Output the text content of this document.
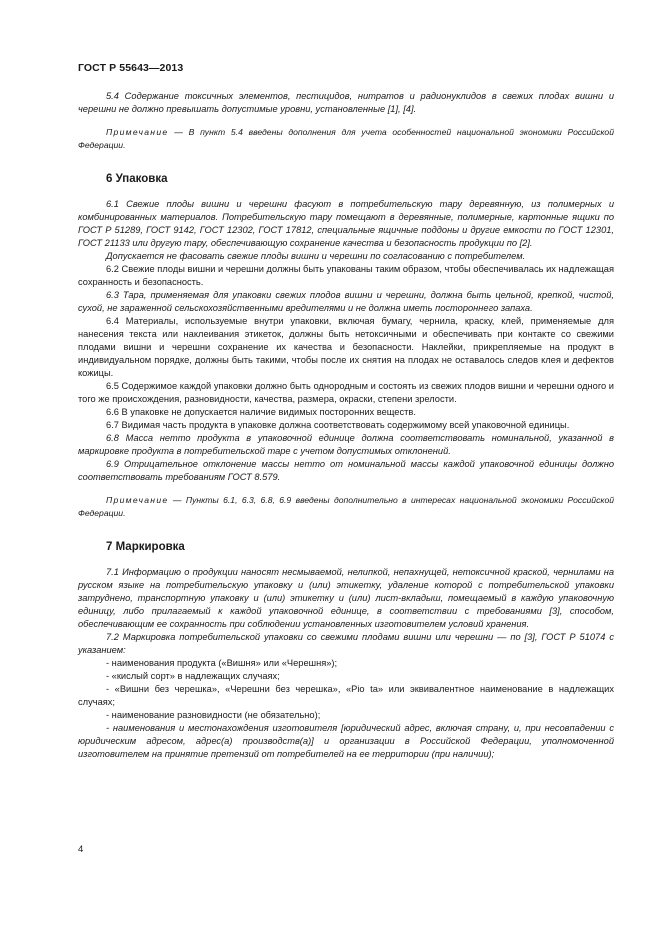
ГОСТ Р 55643—2013

5.4 Содержание токсичных элементов, пестицидов, нитратов и радионуклидов в свежих плодах вишни и черешни не должно превышать допустимые уровни, установленные [1], [4].

Примечание — В пункт 5.4 введены дополнения для учета особенностей национальной экономики Российской Федерации.

6 Упаковка

6.1 Свежие плоды вишни и черешни фасуют в потребительскую тару деревянную, из полимерных и комбинированных материалов. Потребительскую тару помещают в деревянные, полимерные, картонные ящики по ГОСТ Р 51289, ГОСТ 9142, ГОСТ 12302, ГОСТ 17812, специальные ящичные поддоны и другие емкости по ГОСТ 12301, ГОСТ 21133 или другую тару, обеспечивающую сохранение качества и безопасность продукции по [2].

Допускается не фасовать свежие плоды вишни и черешни по согласованию с потребителем.

6.2 Свежие плоды вишни и черешни должны быть упакованы таким образом, чтобы обеспечивалась их надлежащая сохранность и безопасность.

6.3 Тара, применяемая для упаковки свежих плодов вишни и черешни, должна быть цельной, крепкой, чистой, сухой, не зараженной сельскохозяйственными вредителями и не должна иметь постороннего запаха.

6.4 Материалы, используемые внутри упаковки, включая бумагу, чернила, краску, клей, применяемые для нанесения текста или наклеивания этикеток, должны быть нетоксичными и обеспечивать при контакте со свежими плодами вишни и черешни сохранение их качества и безопасности. Наклейки, прикрепляемые на продукт в индивидуальном порядке, должны быть такими, чтобы после их снятия на плодах не оставалось следов клея и дефектов кожицы.

6.5 Содержимое каждой упаковки должно быть однородным и состоять из свежих плодов вишни и черешни одного и того же происхождения, разновидности, качества, размера, окраски, степени зрелости.

6.6 В упаковке не допускается наличие видимых посторонних веществ.

6.7 Видимая часть продукта в упаковке должна соответствовать содержимому всей упаковочной единицы.

6.8 Масса нетто продукта в упаковочной единице должна соответствовать номинальной, указанной в маркировке продукта в потребительской таре с учетом допустимых отклонений.

6.9 Отрицательное отклонение массы нетто от номинальной массы каждой упаковочной единицы должно соответствовать требованиям ГОСТ 8.579.

Примечание — Пункты 6.1, 6.3, 6.8, 6.9 введены дополнительно в интересах национальной экономики Российской Федерации.

7 Маркировка

7.1 Информацию о продукции наносят несмываемой, нелипкой, непахнущей, нетоксичной краской, чернилами на русском языке на потребительскую упаковку и (или) этикетку, удаление которой с потребительской упаковки затруднено, транспортную упаковку и (или) этикетку и (или) лист-вкладыш, помещаемый в каждую упаковочную единицу, либо прилагаемый к каждой упаковочной единице, в соответствии с требованиями [3], способом, обеспечивающим ее сохранность при соблюдении установленных изготовителем условий хранения.

7.2 Маркировка потребительской упаковки со свежими плодами вишни или черешни — по [3], ГОСТ Р 51074 с указанием:

- наименования продукта («Вишня» или «Черешня»);

- «кислый сорт» в надлежащих случаях;

- «Вишни без черешка», «Черешни без черешка», «Pio ta» или эквивалентное наименование в надлежащих случаях;

- наименование разновидности (не обязательно);

- наименования и местонахождения изготовителя [юридический адрес, включая страну, и, при несовпадении с юридическим адресом, адрес(а) производств(а)] и организации в Российской Федерации, уполномоченной изготовителем на принятие претензий от потребителей на ее территории (при наличии);

4
